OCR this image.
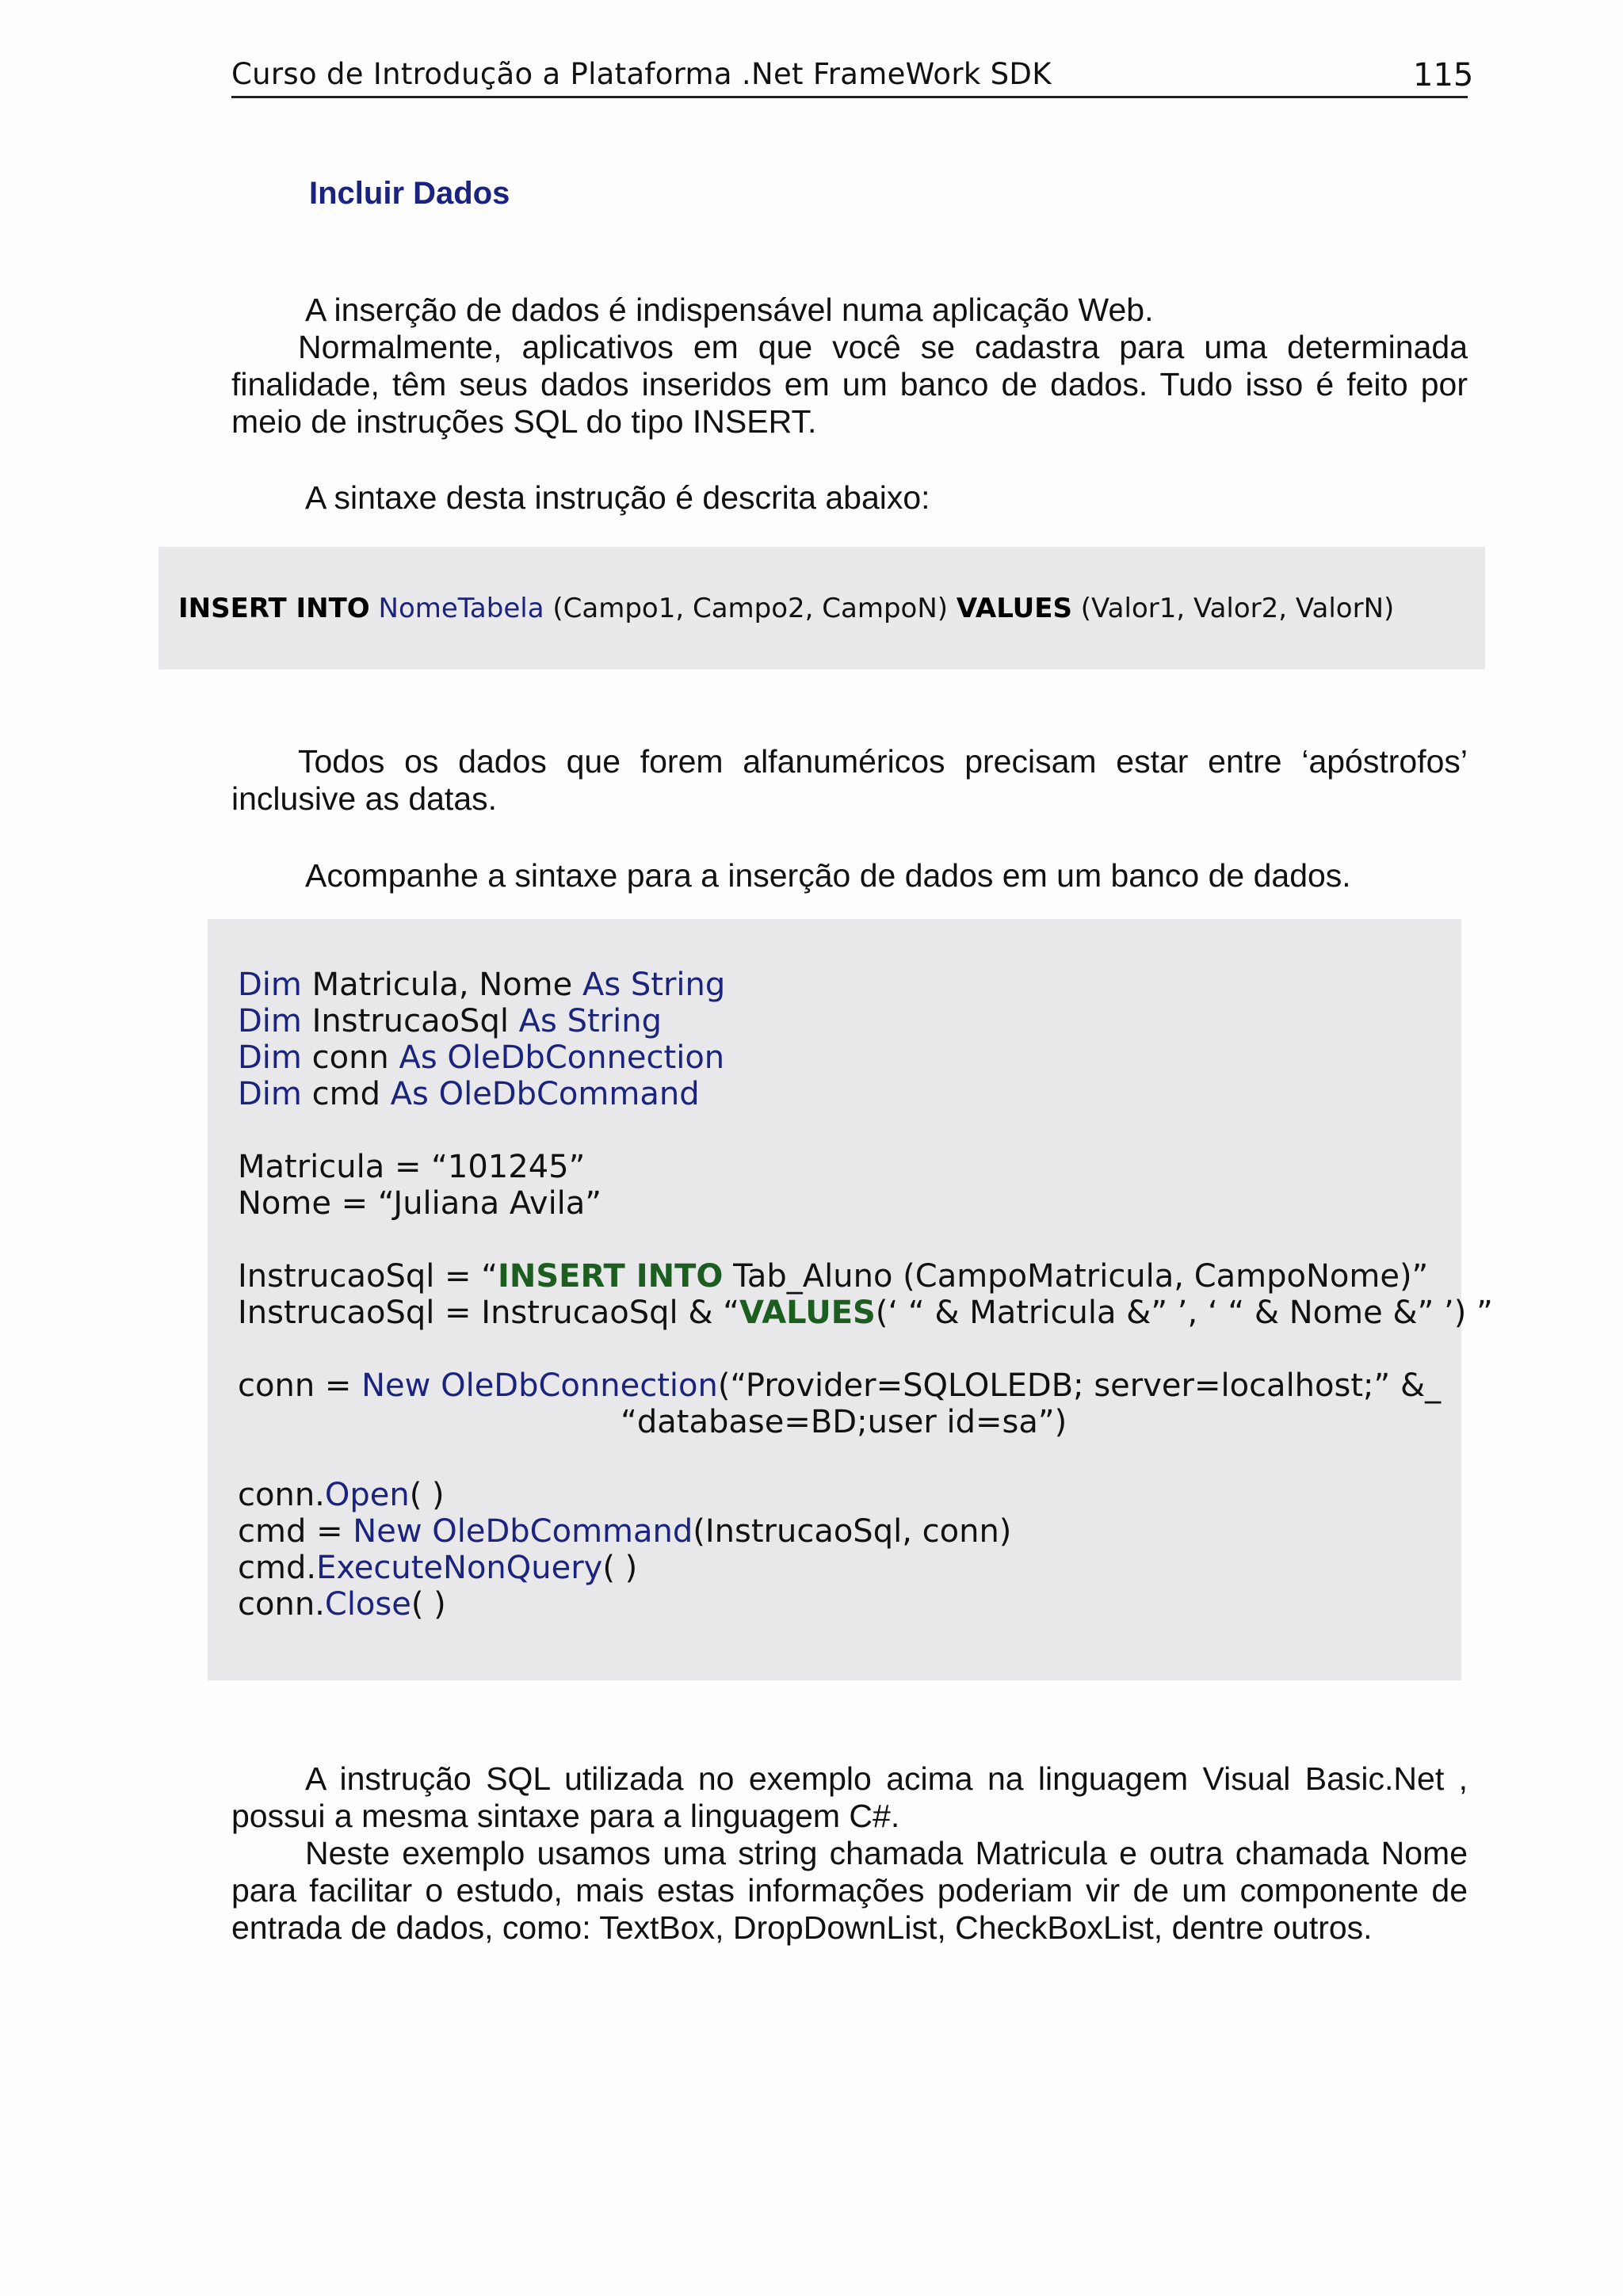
Curso de Introdução a Plataforma .Net FrameWork SDK	115
Incluir Dados
A inserção de dados é indispensável numa aplicação Web.
Normalmente, aplicativos em que você se cadastra para uma determinada finalidade, têm seus dados inseridos em um banco de dados. Tudo isso é feito por meio de instruções SQL do tipo INSERT.
A sintaxe desta instrução é descrita abaixo:
INSERT INTO NomeTabela (Campo1, Campo2, CampoN) VALUES (Valor1, Valor2, ValorN)
Todos os dados que forem alfanuméricos precisam estar entre ‘apóstrofos’ inclusive as datas.
Acompanhe a sintaxe para a inserção de dados em um banco de dados.
Dim Matricula, Nome As String
Dim InstrucaoSql As String
Dim conn As OleDbConnection
Dim cmd As OleDbCommand

Matricula = “101245”
Nome = “Juliana Avila”

InstrucaoSql = “INSERT INTO Tab_Aluno (CampoMatricula, CampoNome)”
InstrucaoSql = InstrucaoSql & “VALUES(‘ “ & Matricula &” ’, ‘ “ & Nome &” ’) ”

conn = New OleDbConnection(“Provider=SQLOLEDB; server=localhost;” &_
“database=BD;user id=sa”)

conn.Open( )
cmd = New OleDbCommand(InstrucaoSql, conn)
cmd.ExecuteNonQuery( )
conn.Close( )
A instrução SQL utilizada no exemplo acima na linguagem Visual Basic.Net , possui a mesma sintaxe para a linguagem C#.
Neste exemplo usamos uma string chamada Matricula e outra chamada Nome para facilitar o estudo, mais estas informações poderiam vir de um componente de entrada de dados, como: TextBox, DropDownList, CheckBoxList, dentre outros.
